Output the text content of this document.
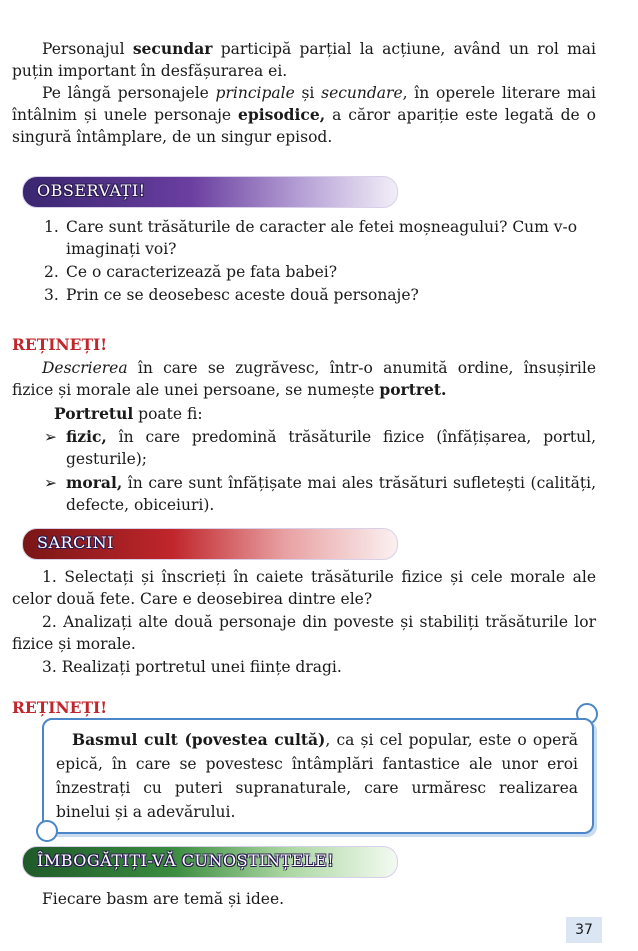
Personajul secundar participă parțial la acțiune, având un rol mai puțin important în desfășurarea ei.

Pe lângă personajele principale și secundare, în operele literare mai întâlnim și unele personaje episodice, a căror apariție este legată de o singură întâmplare, de un singur episod.

OBSERVAȚI!
1. Care sunt trăsăturile de caracter ale fetei moșneagului? Cum v-o imaginați voi?
2. Ce o caracterizează pe fata babei?
3. Prin ce se deosebesc aceste două personaje?
REȚINEȚI!

Descrierea în care se zugrăvesc, într-o anumită ordine, însușirile fizice și morale ale unei persoane, se numește portret.

Portretul poate fi:

➢ fizic, în care predomină trăsăturile fizice (înfățișarea, portul, gesturile);

➢ moral, în care sunt înfățișate mai ales trăsături sufletești (calități, defecte, obiceiuri).

SARCINI

1. Selectați și înscrieți în caiete trăsăturile fizice și cele morale ale celor două fete. Care e deosebirea dintre ele?

2. Analizați alte două personaje din poveste și stabiliți trăsăturile lor fizice și morale.

3. Realizați portretul unei ființe dragi.

REȚINEȚI!

Basmul cult (povestea cultă), ca și cel popular, este o operă epică, în care se povestesc întâmplări fantastice ale unor eroi înzestrați cu puteri supranaturale, care urmăresc realizarea binelui și a adevărului.

ÎMBOGĂȚIȚI-VĂ CUNOȘTINȚELE!

Fiecare basm are temă și idee.

37
